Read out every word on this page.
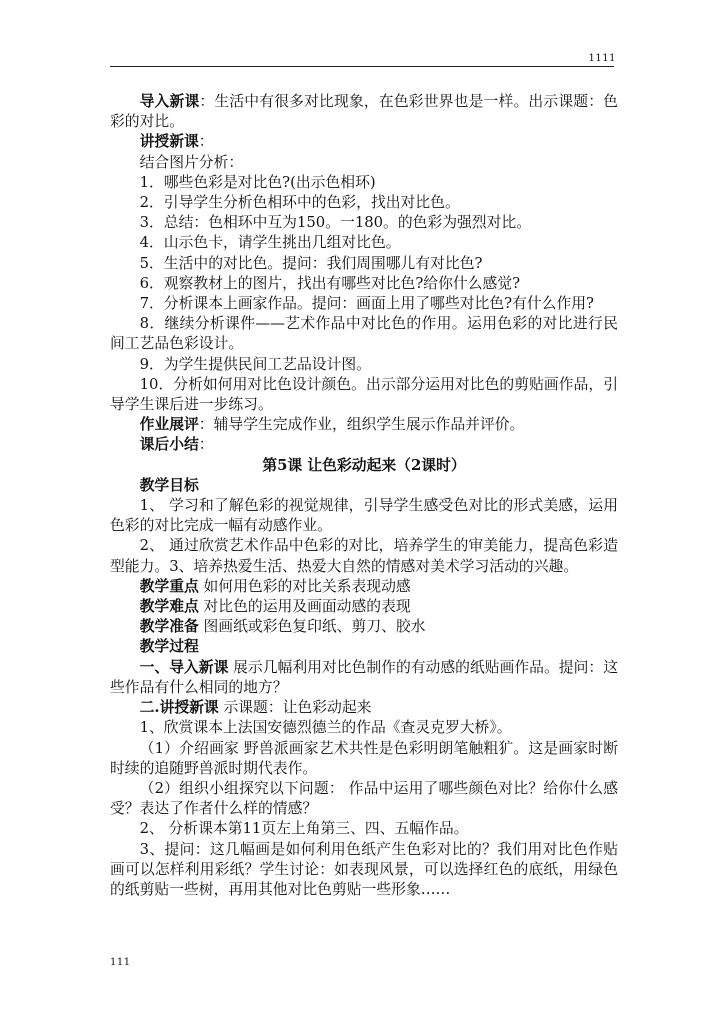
1111

导入新课：生活中有很多对比现象，在色彩世界也是一样。出示课题：色彩的对比。

讲授新课：

结合图片分析：

1．哪些色彩是对比色?(出示色相环)

2．引导学生分析色相环中的色彩，找出对比色。

3．总结：色相环中互为150。一180。的色彩为强烈对比。

4．山示色卡，请学生挑出几组对比色。

5．生活中的对比色。提问：我们周围哪儿有对比色?

6．观察教材上的图片，找出有哪些对比色?给你什么感觉?

7．分析课本上画家作品。提问：画面上用了哪些对比色?有什么作用?

8．继续分析课件——艺术作品中对比色的作用。运用色彩的对比进行民间工艺品色彩设计。

9．为学生提供民间工艺品设计图。

10．分析如何用对比色设计颜色。出示部分运用对比色的剪贴画作品，引导学生课后进一步练习。

作业展评：辅导学生完成作业，组织学生展示作品并评价。

课后小结：

第5课 让色彩动起来（2课时）

教学目标

1、 学习和了解色彩的视觉规律，引导学生感受色对比的形式美感，运用色彩的对比完成一幅有动感作业。

2、 通过欣赏艺术作品中色彩的对比，培养学生的审美能力，提高色彩造型能力。3、培养热爱生活、热爱大自然的情感对美术学习活动的兴趣。

教学重点 如何用色彩的对比关系表现动感

教学难点 对比色的运用及画面动感的表现

教学准备 图画纸或彩色复印纸、剪刀、胶水

教学过程

一、导入新课 展示几幅利用对比色制作的有动感的纸贴画作品。提问：这些作品有什么相同的地方？

二.讲授新课 示课题：让色彩动起来

1、欣赏课本上法国安德烈德兰的作品《查灵克罗大桥》。

（1）介绍画家 野兽派画家艺术共性是色彩明朗笔触粗犷。这是画家时断时续的追随野兽派时期代表作。

（2）组织小组探究以下问题： 作品中运用了哪些颜色对比？给你什么感受？表达了作者什么样的情感？

2、 分析课本第11页左上角第三、四、五幅作品。

3、提问：这几幅画是如何利用色纸产生色彩对比的？我们用对比色作贴画可以怎样利用彩纸？学生讨论：如表现风景，可以选择红色的底纸，用绿色的纸剪贴一些树，再用其他对比色剪贴一些形象……

111
